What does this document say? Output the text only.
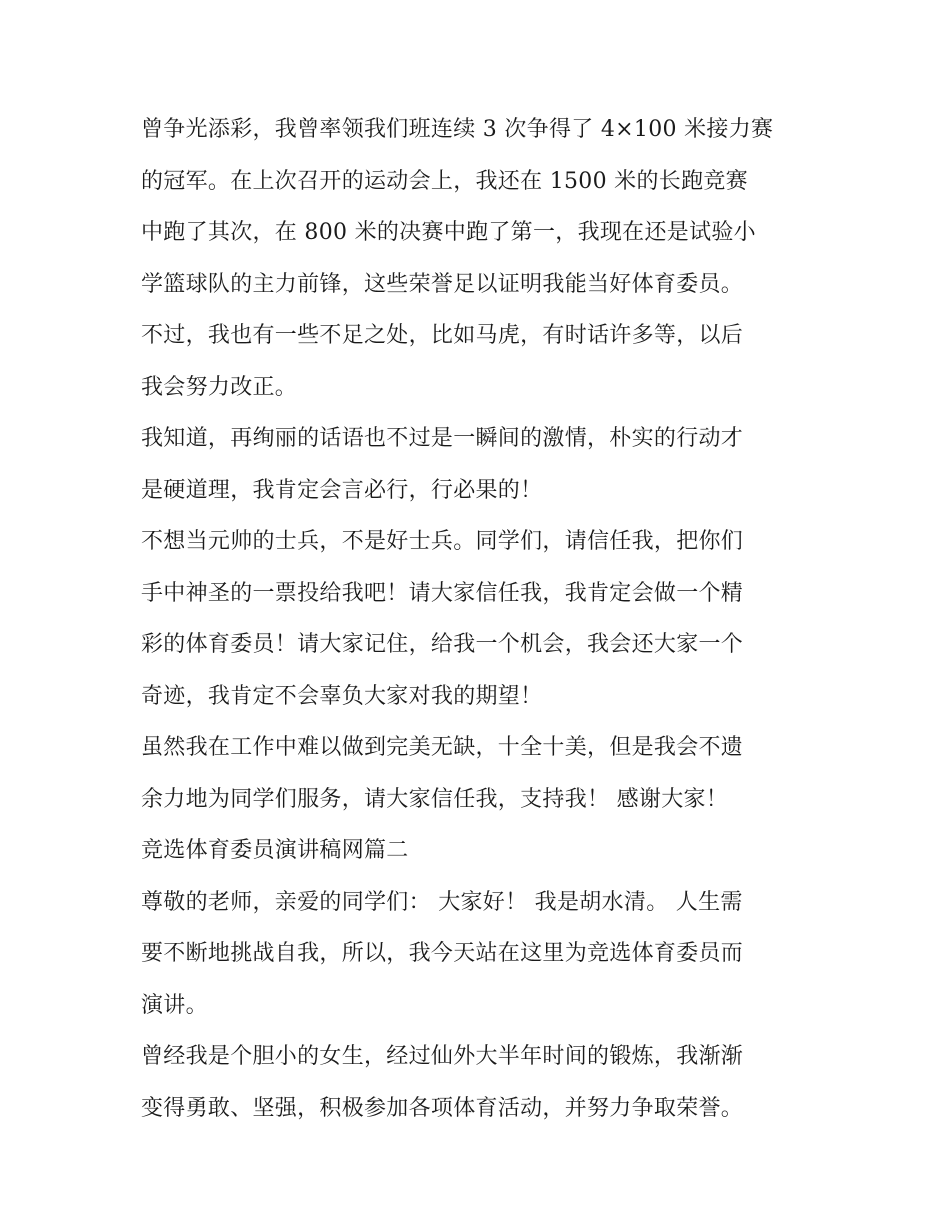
曾争光添彩，我曾率领我们班连续 3 次争得了 4×100 米接力赛
的冠军。在上次召开的运动会上，我还在 1500 米的长跑竞赛
中跑了其次，在 800 米的决赛中跑了第一，我现在还是试验小
学篮球队的主力前锋，这些荣誉足以证明我能当好体育委员。
不过，我也有一些不足之处，比如马虎，有时话许多等，以后
我会努力改正。
我知道，再绚丽的话语也不过是一瞬间的激情，朴实的行动才
是硬道理，我肯定会言必行，行必果的！
不想当元帅的士兵，不是好士兵。同学们，请信任我，把你们
手中神圣的一票投给我吧！请大家信任我，我肯定会做一个精
彩的体育委员！请大家记住，给我一个机会，我会还大家一个
奇迹，我肯定不会辜负大家对我的期望！
虽然我在工作中难以做到完美无缺，十全十美，但是我会不遗
余力地为同学们服务，请大家信任我，支持我！ 感谢大家！
竞选体育委员演讲稿网篇二
尊敬的老师，亲爱的同学们： 大家好！ 我是胡水清。 人生需
要不断地挑战自我，所以，我今天站在这里为竞选体育委员而
演讲。
曾经我是个胆小的女生，经过仙外大半年时间的锻炼，我渐渐
变得勇敢、坚强，积极参加各项体育活动，并努力争取荣誉。
